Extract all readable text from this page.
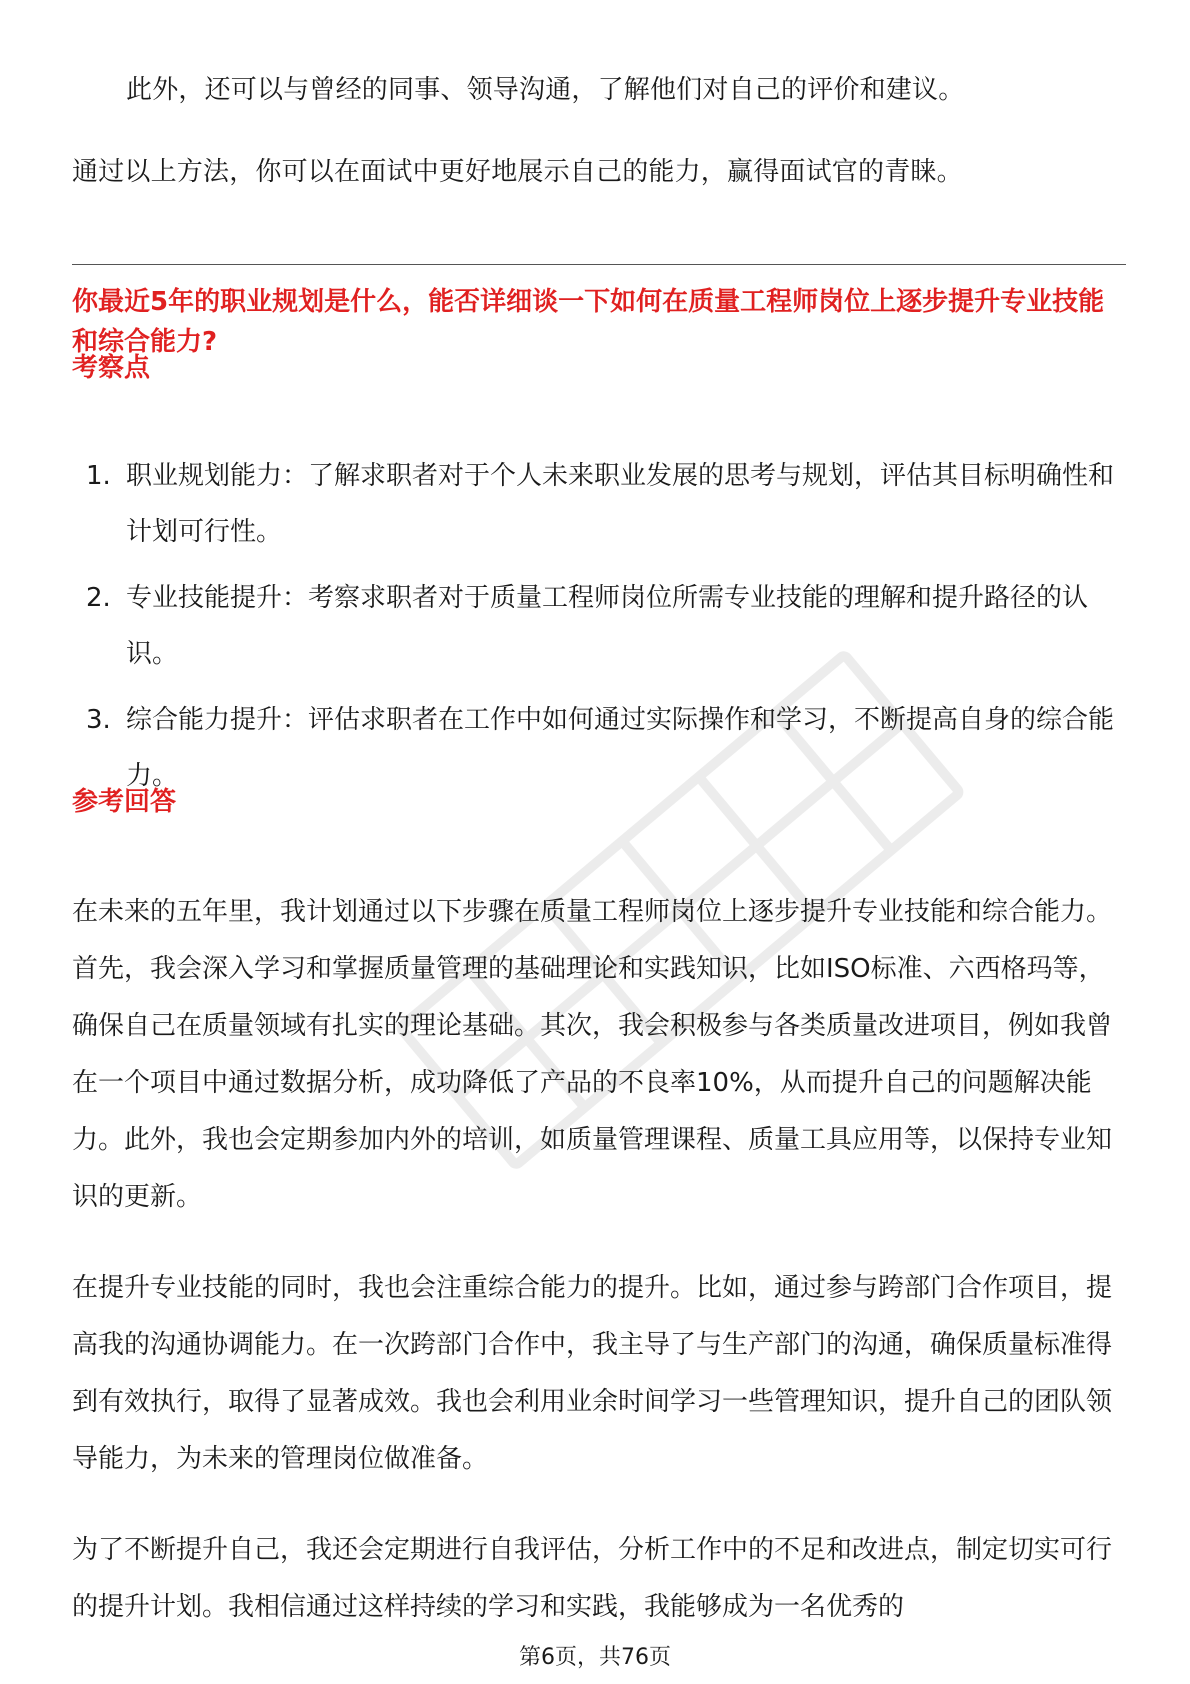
此外，还可以与曾经的同事、领导沟通，了解他们对自己的评价和建议。

通过以上方法，你可以在面试中更好地展示自己的能力，赢得面试官的青睐。

你最近5年的职业规划是什么，能否详细谈一下如何在质量工程师岗位上逐步提升专业技能和综合能力?

考察点

1. 职业规划能力：了解求职者对于个人未来职业发展的思考与规划，评估其目标明确性和计划可行性。
2. 专业技能提升：考察求职者对于质量工程师岗位所需专业技能的理解和提升路径的认识。
3. 综合能力提升：评估求职者在工作中如何通过实际操作和学习，不断提高自身的综合能力。

参考回答

在未来的五年里，我计划通过以下步骤在质量工程师岗位上逐步提升专业技能和综合能力。首先，我会深入学习和掌握质量管理的基础理论和实践知识，比如ISO标准、六西格玛等，确保自己在质量领域有扎实的理论基础。其次，我会积极参与各类质量改进项目，例如我曾在一个项目中通过数据分析，成功降低了产品的不良率10%，从而提升自己的问题解决能力。此外，我也会定期参加内外的培训，如质量管理课程、质量工具应用等，以保持专业知识的更新。

在提升专业技能的同时，我也会注重综合能力的提升。比如，通过参与跨部门合作项目，提高我的沟通协调能力。在一次跨部门合作中，我主导了与生产部门的沟通，确保质量标准得到有效执行，取得了显著成效。我也会利用业余时间学习一些管理知识，提升自己的团队领导能力，为未来的管理岗位做准备。

为了不断提升自己，我还会定期进行自我评估，分析工作中的不足和改进点，制定切实可行的提升计划。我相信通过这样持续的学习和实践，我能够成为一名优秀的

第6页，共76页
